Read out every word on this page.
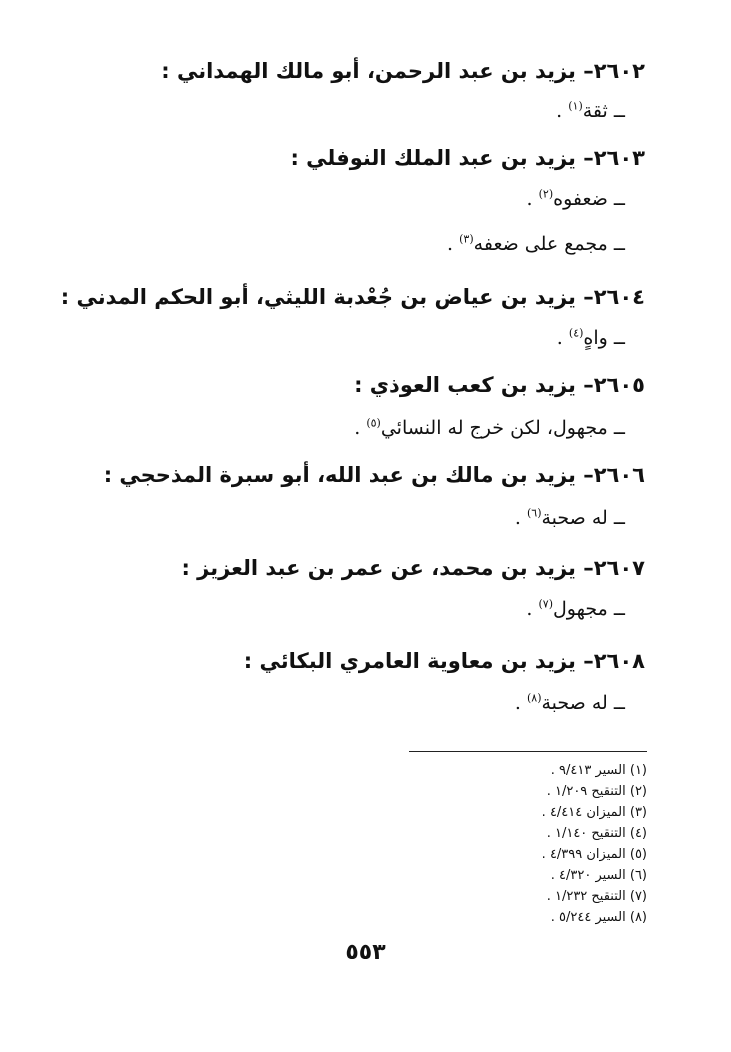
٢٦٠٢– يزيد بن عبد الرحمن، أبو مالك الهمداني :
ــ ثقة$^{(١)}$ .
٢٦٠٣– يزيد بن عبد الملك النوفلي :
ــ ضعفوه$^{(٢)}$ .
ــ مجمع على ضعفه$^{(٣)}$ .
٢٦٠٤– يزيد بن عياض بن جُعْدبة الليثي، أبو الحكم المدني :
ــ واهٍ$^{(٤)}$ .
٢٦٠٥– يزيد بن كعب العوذي :
ــ مجهول، لكن خرج له النسائي$^{(٥)}$ .
٢٦٠٦– يزيد بن مالك بن عبد الله، أبو سبرة المذحجي :
ــ له صحبة$^{(٦)}$ .
٢٦٠٧– يزيد بن محمد، عن عمر بن عبد العزيز :
ــ مجهول$^{(٧)}$ .
٢٦٠٨– يزيد بن معاوية العامري البكائي :
ــ له صحبة$^{(٨)}$ .
(١) السير ٩/٤١٣ .
(٢) التنقيح ١/٢٠٩ .
(٣) الميزان ٤/٤١٤ .
(٤) التنقيح ١/١٤٠ .
(٥) الميزان ٤/٣٩٩ .
(٦) السير ٤/٣٢٠ .
(٧) التنقيح ١/٢٣٢ .
(٨) السير ٥/٢٤٤ .
٥٥٣
